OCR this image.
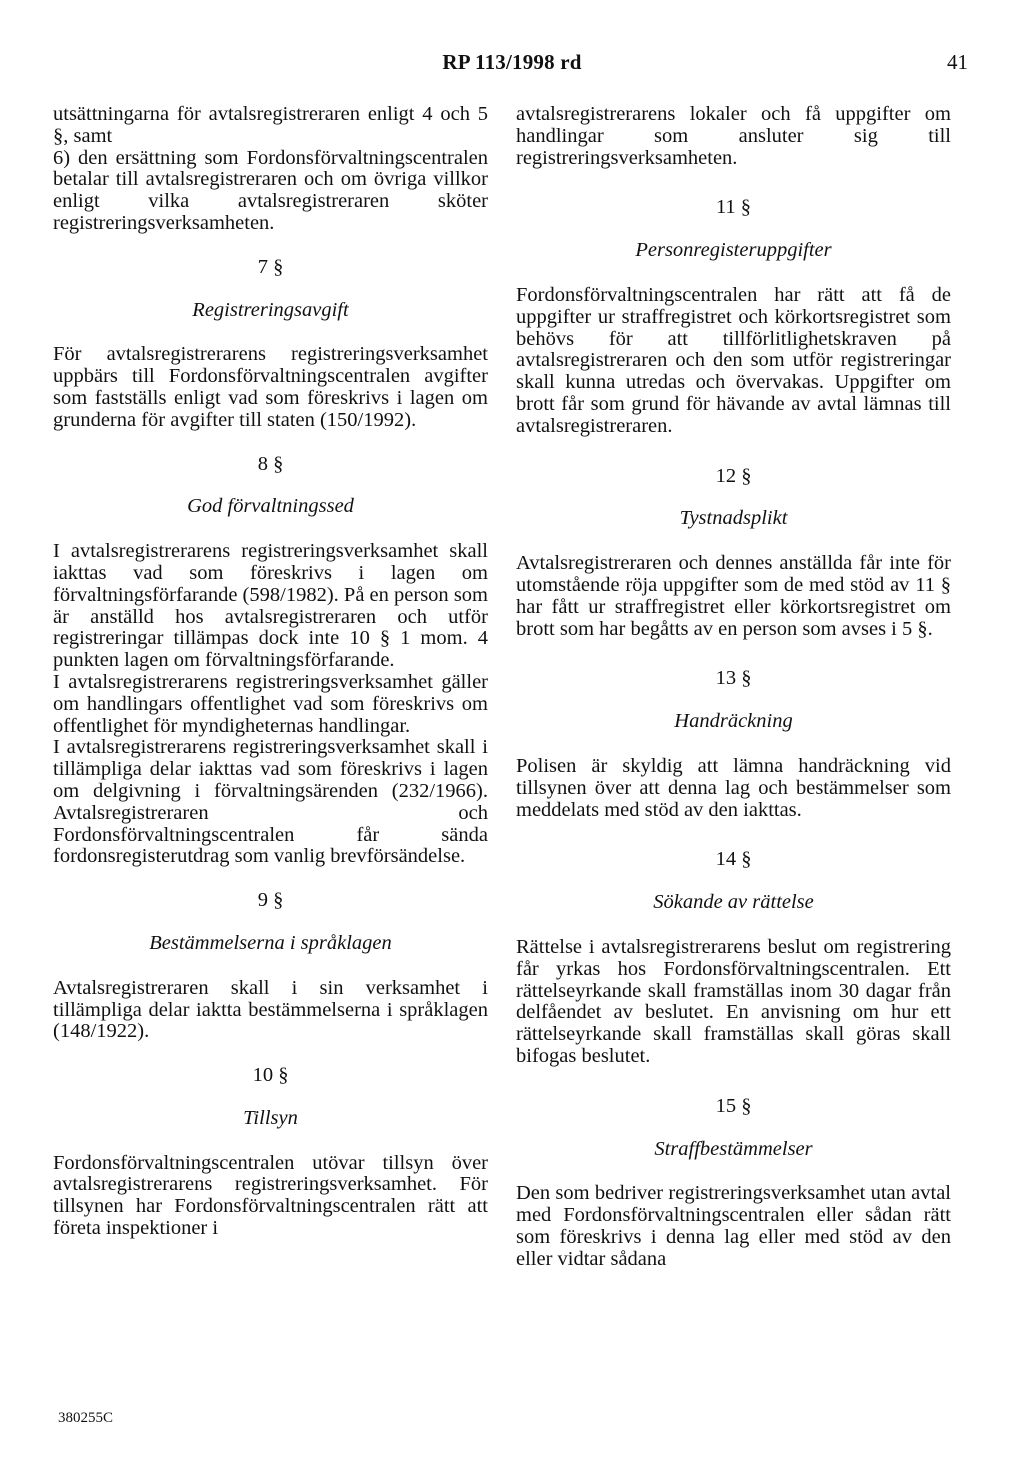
RP 113/1998 rd	41

utsättningarna för avtalsregistreraren enligt 4 och 5 §, samt

6) den ersättning som Fordonsförvaltningscentralen betalar till avtalsregistreraren och om övriga villkor enligt vilka avtalsregistreraren sköter registreringsverksamheten.

7 §
Registreringsavgift

För avtalsregistrerarens registreringsverksamhet uppbärs till Fordonsförvaltningscentralen avgifter som fastställs enligt vad som föreskrivs i lagen om grunderna för avgifter till staten (150/1992).

8 §
God förvaltningssed

I avtalsregistrerarens registreringsverksamhet skall iakttas vad som föreskrivs i lagen om förvaltningsförfarande (598/1982). På en person som är anställd hos avtalsregistreraren och utför registreringar tillämpas dock inte 10 § 1 mom. 4 punkten lagen om förvaltningsförfarande.

I avtalsregistrerarens registreringsverksamhet gäller om handlingars offentlighet vad som föreskrivs om offentlighet för myndigheternas handlingar.

I avtalsregistrerarens registreringsverksamhet skall i tillämpliga delar iakttas vad som föreskrivs i lagen om delgivning i förvaltningsärenden (232/1966). Avtalsregistreraren och Fordonsförvaltningscentralen får sända fordonsregisterutdrag som vanlig brevförsändelse.

9 §
Bestämmelserna i språklagen

Avtalsregistreraren skall i sin verksamhet i tillämpliga delar iaktta bestämmelserna i språklagen (148/1922).

10 §
Tillsyn

Fordonsförvaltningscentralen utövar tillsyn över avtalsregistrerarens registreringsverksamhet. För tillsynen har Fordonsförvaltningscentralen rätt att företa inspektioner i

avtalsregistrerarens lokaler och få uppgifter om handlingar som ansluter sig till registreringsverksamheten.

11 §
Personregisteruppgifter

Fordonsförvaltningscentralen har rätt att få de uppgifter ur straffregistret och körkortsregistret som behövs för att tillförlitlighetskraven på avtalsregistreraren och den som utför registreringar skall kunna utredas och övervakas. Uppgifter om brott får som grund för hävande av avtal lämnas till avtalsregistreraren.

12 §
Tystnadsplikt

Avtalsregistreraren och dennes anställda får inte för utomstående röja uppgifter som de med stöd av 11 § har fått ur straffregistret eller körkortsregistret om brott som har begåtts av en person som avses i 5 §.

13 §
Handräckning

Polisen är skyldig att lämna handräckning vid tillsynen över att denna lag och bestämmelser som meddelats med stöd av den iakttas.

14 §
Sökande av rättelse

Rättelse i avtalsregistrerarens beslut om registrering får yrkas hos Fordonsförvaltningscentralen. Ett rättelseyrkande skall framställas inom 30 dagar från delfåendet av beslutet. En anvisning om hur ett rättelseyrkande skall framställas skall göras skall bifogas beslutet.

15 §
Straffbestämmelser

Den som bedriver registreringsverksamhet utan avtal med Fordonsförvaltningscentralen eller sådan rätt som föreskrivs i denna lag eller med stöd av den eller vidtar sådana

380255C
